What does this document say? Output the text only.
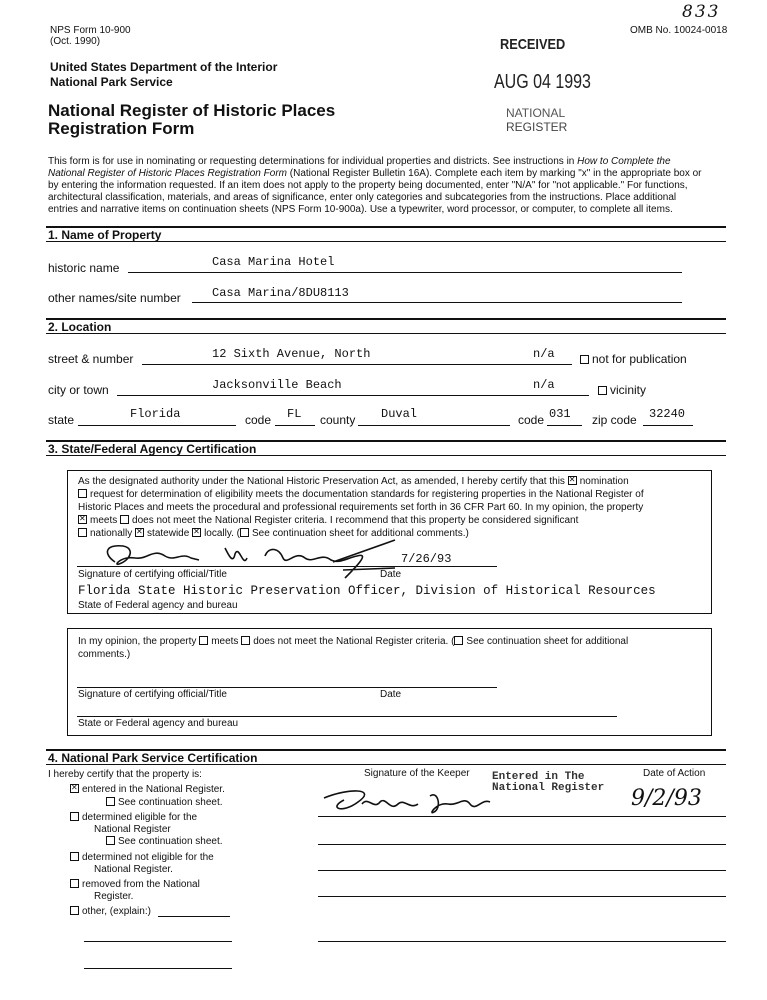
NPS Form 10-900
(Oct. 1990)
OMB No. 10024-0018
833
United States Department of the Interior
National Park Service
National Register of Historic Places
Registration Form
RECEIVED
AUG 04 1993
NATIONAL
REGISTER
This form is for use in nominating or requesting determinations for individual properties and districts. See instructions in How to Complete the
National Register of Historic Places Registration Form (National Register Bulletin 16A). Complete each item by marking "x" in the appropriate box or
by entering the information requested. If an item does not apply to the property being documented, enter "N/A" for "not applicable." For functions,
architectural classification, materials, and areas of significance, enter only categories and subcategories from the instructions. Place additional
entries and narrative items on continuation sheets (NPS Form 10-900a). Use a typewriter, word processor, or computer, to complete all items.
1. Name of Property
historic name	Casa Marina Hotel
other names/site number	Casa Marina/8DU8113
2. Location
street & number	12 Sixth Avenue, North	n/a	not for publication
city or town	Jacksonville Beach	n/a	vicinity
state	Florida	code FL county Duval	code 031 zip code 32240
3. State/Federal Agency Certification
As the designated authority under the National Historic Preservation Act, as amended, I hereby certify that this ✕ nomination
request for determination of eligibility meets the documentation standards for registering properties in the National Register of
Historic Places and meets the procedural and professional requirements set forth in 36 CFR Part 60. In my opinion, the property
✕meets does not meet the National Register criteria. I recommend that this property be considered significant
nationally ✕ statewide ✕ locally. ( See continuation sheet for additional comments.)
7/26/93
Signature of certifying official/Title	Date
Florida State Historic Preservation Officer, Division of Historical Resources
State of Federal agency and bureau
In my opinion, the property meets does not meet the National Register criteria. ( See continuation sheet for additional
comments.)
Signature of certifying official/Title	Date
State or Federal agency and bureau
4. National Park Service Certification
I hereby certify that the property is:	Signature of the Keeper	Date of Action
Entered in The
National Register 9/2/93
✕entered in the National Register.
See continuation sheet.
determined eligible for the
National Register
See continuation sheet.
determined not eligible for the
National Register.
removed from the National
Register.
other, (explain:)
